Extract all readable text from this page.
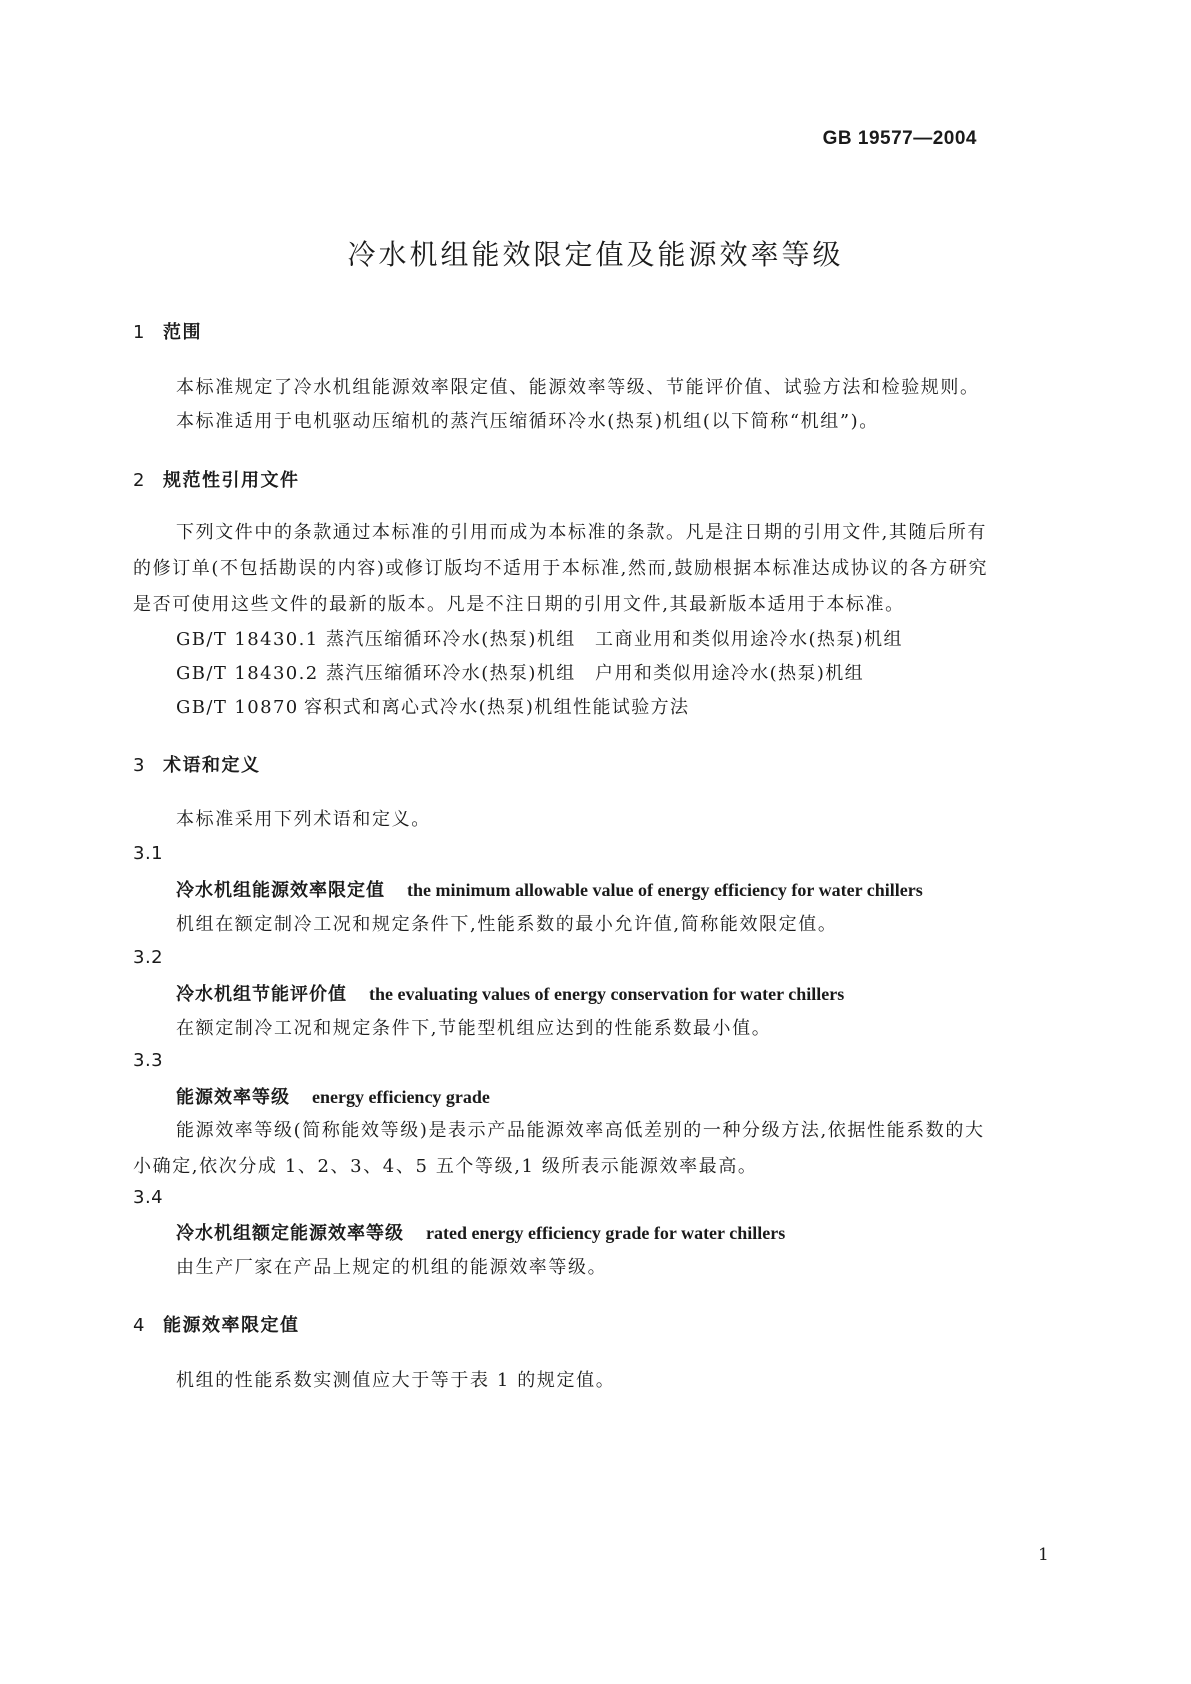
GB 19577—2004
冷水机组能效限定值及能源效率等级
1 范围
本标准规定了冷水机组能源效率限定值、能源效率等级、节能评价值、试验方法和检验规则。
本标准适用于电机驱动压缩机的蒸汽压缩循环冷水(热泵)机组(以下简称“机组”)。
2 规范性引用文件
下列文件中的条款通过本标准的引用而成为本标准的条款。凡是注日期的引用文件,其随后所有
的修订单(不包括勘误的内容)或修订版均不适用于本标准,然而,鼓励根据本标准达成协议的各方研究
是否可使用这些文件的最新的版本。凡是不注日期的引用文件,其最新版本适用于本标准。
GB/T 18430.1 蒸汽压缩循环冷水(热泵)机组　工商业用和类似用途冷水(热泵)机组
GB/T 18430.2 蒸汽压缩循环冷水(热泵)机组　户用和类似用途冷水(热泵)机组
GB/T 10870 容积式和离心式冷水(热泵)机组性能试验方法
3 术语和定义
本标准采用下列术语和定义。
3.1
冷水机组能源效率限定值 the minimum allowable value of energy efficiency for water chillers
机组在额定制冷工况和规定条件下,性能系数的最小允许值,简称能效限定值。
3.2
冷水机组节能评价值 the evaluating values of energy conservation for water chillers
在额定制冷工况和规定条件下,节能型机组应达到的性能系数最小值。
3.3
能源效率等级 energy efficiency grade
能源效率等级(简称能效等级)是表示产品能源效率高低差别的一种分级方法,依据性能系数的大
小确定,依次分成 1、2、3、4、5 五个等级,1 级所表示能源效率最高。
3.4
冷水机组额定能源效率等级 rated energy efficiency grade for water chillers
由生产厂家在产品上规定的机组的能源效率等级。
4 能源效率限定值
机组的性能系数实测值应大于等于表 1 的规定值。
1
